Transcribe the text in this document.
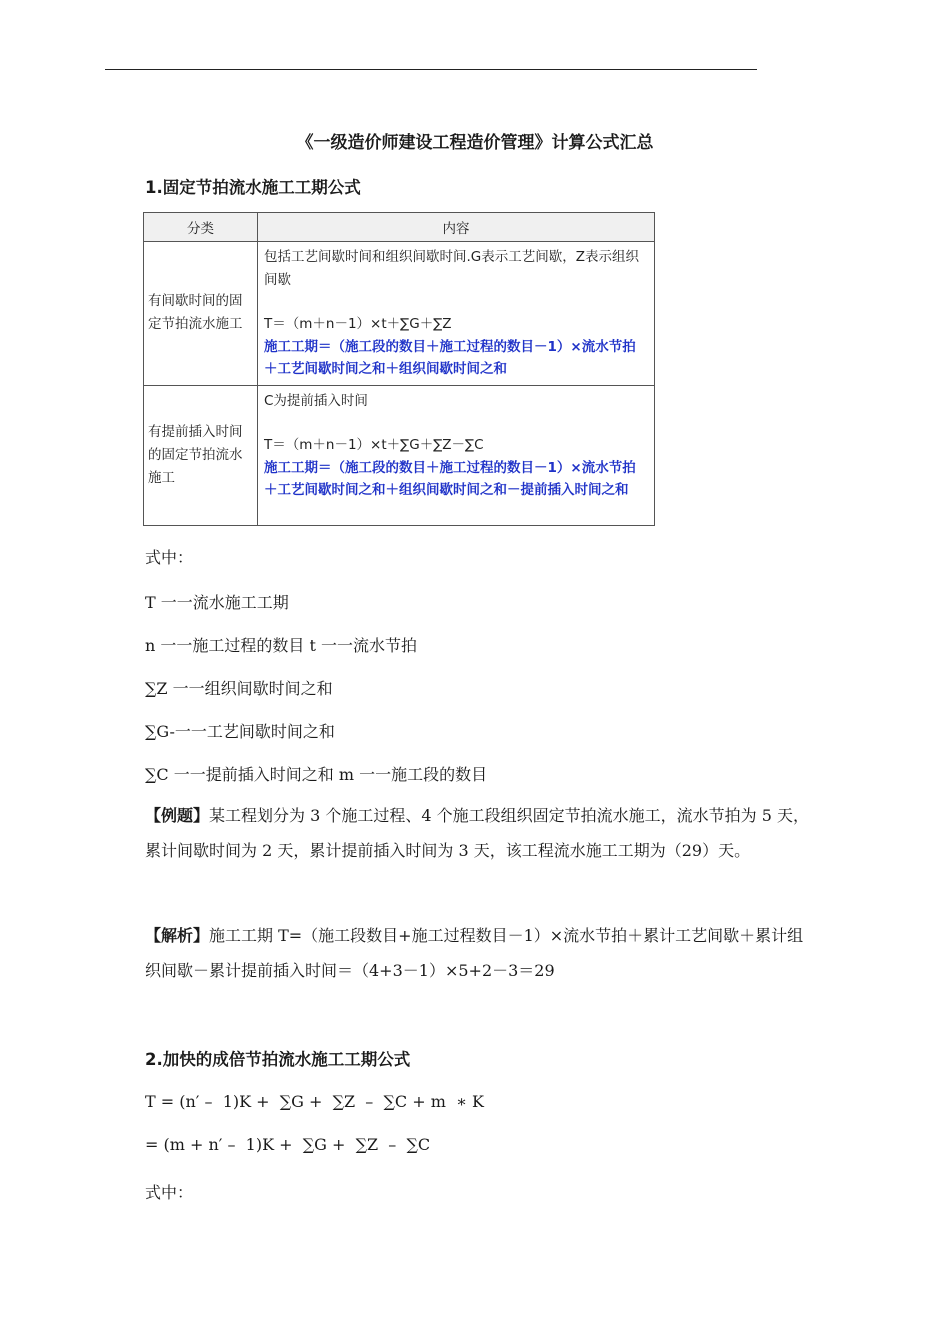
《一级造价师建设工程造价管理》计算公式汇总
1.固定节拍流水施工工期公式
分类	内容
有间歇时间的固定节拍流水施工	包括工艺间歇时间和组织间歇时间.G表示工艺间歇，Z表示组织间歇
T＝（m＋n－1）×t＋∑G＋∑Z
施工工期＝（施工段的数目＋施工过程的数目－1）×流水节拍＋工艺间歇时间之和＋组织间歇时间之和

有提前插入时间的固定节拍流水施工	C为提前插入时间
T＝（m＋n－1）×t＋∑G＋∑Z－∑C
施工工期＝（施工段的数目＋施工过程的数目－1）×流水节拍＋工艺间歇时间之和＋组织间歇时间之和－提前插入时间之和
式中：
T 一一流水施工工期
n 一一施工过程的数目 t 一一流水节拍
∑Z 一一组织间歇时间之和
∑G-一一工艺间歇时间之和
∑C 一一提前插入时间之和 m 一一施工段的数目
【例题】某工程划分为 3 个施工过程、4 个施工段组织固定节拍流水施工，流水节拍为 5 天，累计间歇时间为 2 天，累计提前插入时间为 3 天，该工程流水施工工期为（29）天。
【解析】施工工期 T=（施工段数目+施工过程数目－1）×流水节拍＋累计工艺间歇＋累计组织间歇－累计提前插入时间＝（4+3－1）×5+2－3＝29
2.加快的成倍节拍流水施工工期公式
T = (n′ –  1)K +  ∑G +  ∑Z  –  ∑C + m  ∗ K
= (m + n′ –  1)K +  ∑G +  ∑Z  –  ∑C
式中：
